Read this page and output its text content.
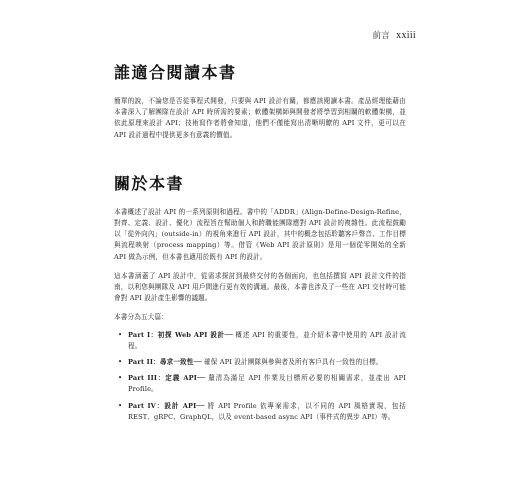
前言 xxiii
誰適合閱讀本書

簡單的說，不論您是否從事程式開發，只要與 API 設計有關，都應該閱讀本書。產品經理能藉由本書深入了解團隊在設計 API 時所需的要素；軟體架構師與開發者將學習到相關的軟體架構，並依此原理來設計 API；技術寫作者將會知道，他們不僅能寫出清晰明瞭的 API 文件，更可以在 API 設計過程中提供更多有意義的價值。

關於本書

本書概述了設計 API 的一系列原則和過程。書中的「ADDR」(Align-Define-Design-Refine，對齊、定義、設計、優化）流程旨在幫助個人和跨職能團隊應對 API 設計的複雜性。此流程鼓勵以「從外向內」(outside-in）的視角來進行 API 設計，其中的概念包括聆聽客戶聲音、工作目標與流程映射（process mapping）等。借管《Web API 設計原則》是用一個從零開始的全新 API 做為示例，但本書也適用於既有 API 的設計。

這本書涵蓋了 API 設計中，從需求探討到最終交付的各個面向，也包括撰寫 API 設計文件的指南，以利您與團隊及 API 用戶間進行更有效的溝通。最後，本書也涉及了一些在 API 交付時可能會對 API 設計產生影響的議題。

本書分為五大篇：

• Part I：初探 Web API 設計── 概述 API 的重要性，並介紹本書中使用的 API 設計流程。
• Part II：尋求一致性── 確保 API 設計團隊與參與者及所有客戶具有一致性的目標。
• Part III：定義 API── 釐清為滿足 API 作業及目標所必要的相關需求，並產出 API Profile。
• Part IV：設計 API── 將 API Profile 依專案需求，以不同的 API 風格實現，包括 REST、gRPC、GraphQL，以及 event-based async API（事件式的異步 API）等。
